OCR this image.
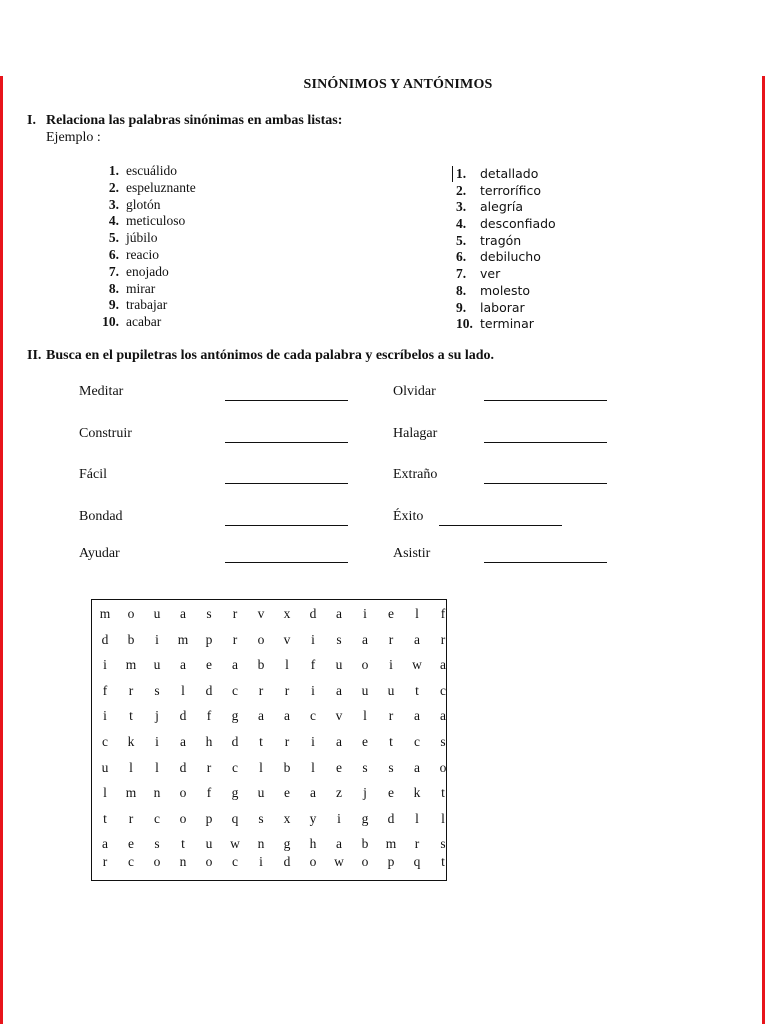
SINÓNIMOS Y ANTÓNIMOS
I. Relaciona las palabras sinónimas en ambas listas:
Ejemplo :
1. escuálido
2. espeluznante
3. glotón
4. meticuloso
5. júbilo
6. reacio
7. enojado
8. mirar
9. trabajar
10. acabar
1.	detallado
2.	terrorífico
3.	alegría
4.	desconfiado
5.	tragón
6.	debilucho
7.	ver
8.	molesto
9.	laborar
10. terminar
II. Busca en el pupiletras los antónimos de cada palabra y escríbelos a su lado.
Meditar	Olvidar
Construir	Halagar
Fácil	Extraño
Bondad	Éxito
Ayudar	Asistir
m	o	u	a	s	r	v	x	d	a	i	e	l	f
d	b	i	m	p	r	o	v	i	s	a	r	a	r
i	m	u	a	e	a	b	l	f	u	o	i	w	a
f	r	s	l	d	c	r	r	i	a	u	u	t	c
i	t	j	d	f	g	a	a	c	v	l	r	a	a
c	k	i	a	h	d	t	r	i	a	e	t	c	s
u	l	l	d	r	c	l	b	l	e	s	s	a	o
l	m	n	o	f	g	u	e	a	z	j	e	k	t
t	r	c	o	p	q	s	x	y	i	g	d	l	l
a	e	s	t	u	w	n	g	h	a	b	m	r	s
r	c	o	n	o	c	i	d	o	w	o	p	q	t
